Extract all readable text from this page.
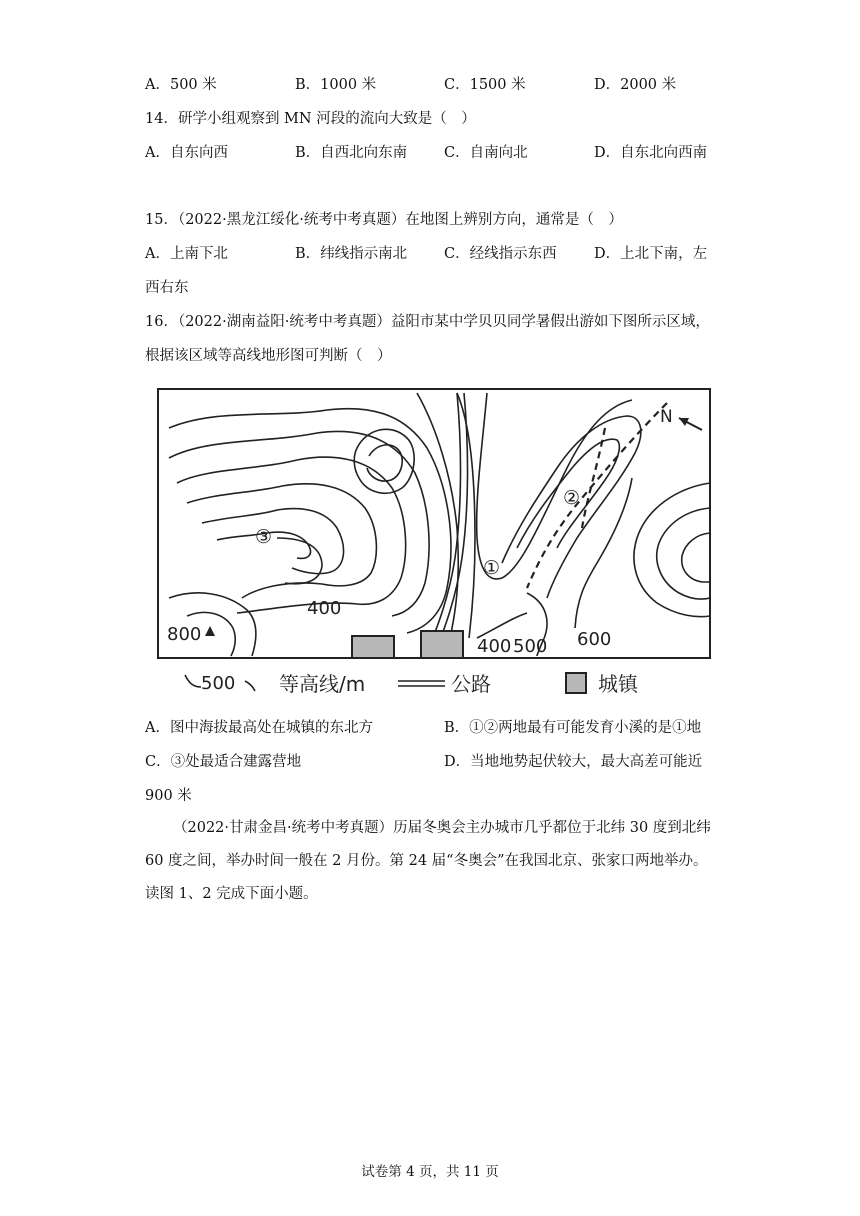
A．500 米	B．1000 米	C．1500 米	D．2000 米
14．研学小组观察到 MN 河段的流向大致是（　）
A．自东向西	B．自西北向东南	C．自南向北	D．自东北向西南
15．（2022·黑龙江绥化·统考中考真题）在地图上辨别方向，通常是（　）
A．上南下北	B．纬线指示南北	C．经线指示东西	D．上北下南，左
西右东
16．（2022·湖南益阳·统考中考真题）益阳市某中学贝贝同学暑假出游如下图所示区域，
根据该区域等高线地形图可判断（　）
N
③
①
②
400
800
400 500 600
500 等高线/m	公路	城镇
A．图中海拔最高处在城镇的东北方	B．①②两地最有可能发育小溪的是①地
C．③处最适合建露营地	D．当地地势起伏较大，最大高差可能近
900 米
（2022·甘肃金昌·统考中考真题）历届冬奥会主办城市几乎都位于北纬 30 度到北纬 60 度之间，举办时间一般在 2 月份。第 24 届“冬奥会”在我国北京、张家口两地举办。读图 1、2 完成下面小题。
试卷第 4 页，共 11 页
